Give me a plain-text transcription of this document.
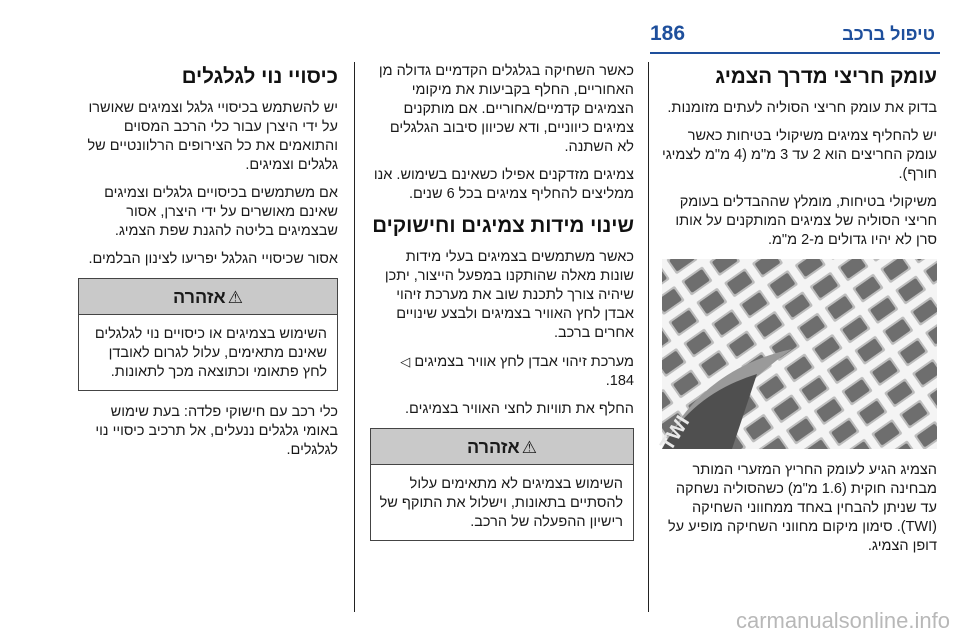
186	טיפול ברכב
עומק חריצי מדרך הצמיג

בדוק את עומק חריצי הסוליה לעתים מזומנות.

יש להחליף צמיגים משיקולי בטיחות כאשר עומק החריצים הוא 2 עד 3 מ"מ (4 מ"מ לצמיגי חורף).

משיקולי בטיחות, מומלץ שההבדלים בעומק חריצי הסוליה של צמיגים המותקנים על אותו סרן לא יהיו גדולים מ-2 מ"מ.

TWI

הצמיג הגיע לעומק החריץ המזערי המותר מבחינה חוקית (1.6 מ"מ) כשהסוליה נשחקה עד שניתן להבחין באחד ממחווני השחיקה (TWI). סימון מיקום מחווני השחיקה מופיע על דופן הצמיג.

כאשר השחיקה בגלגלים הקדמיים גדולה מן האחוריים, החלף בקביעות את מיקומי הצמיגים קדמיים/אחוריים. אם מותקנים צמיגים כיווניים, ודא שכיוון סיבוב הגלגלים לא השתנה.

צמיגים מזדקנים אפילו כשאינם בשימוש. אנו ממליצים להחליף צמיגים בכל 6 שנים.

שינוי מידות צמיגים וחישוקים

כאשר משתמשים בצמיגים בעלי מידות שונות מאלה שהותקנו במפעל הייצור, יתכן שיהיה צורך לתכנת שוב את מערכת זיהוי אבדן לחץ האוויר בצמיגים ולבצע שינויים אחרים ברכב.

מערכת זיהוי אבדן לחץ אוויר בצמיגים ◁ 184.

החלף את תוויות לחצי האוויר בצמיגים.

⚠אזהרה

השימוש בצמיגים לא מתאימים עלול להסתיים בתאונות, וישלול את התוקף של רישיון ההפעלה של הרכב.

כיסויי נוי לגלגלים

יש להשתמש בכיסויי גלגל וצמיגים שאושרו על ידי היצרן עבור כלי הרכב המסוים והתואמים את כל הצירופים הרלוונטיים של גלגלים וצמיגים.

אם משתמשים בכיסויים גלגלים וצמיגים שאינם מאושרים על ידי היצרן, אסור שבצמיגים בליטה להגנת שפת הצמיג.

אסור שכיסויי הגלגל יפריעו לצינון הבלמים.

⚠אזהרה

השימוש בצמיגים או כיסויים נוי לגלגלים שאינם מתאימים, עלול לגרום לאובדן לחץ פתאומי וכתוצאה מכך לתאונות.

כלי רכב עם חישוקי פלדה: בעת שימוש באומי גלגלים ננעלים, אל תרכיב כיסויי נוי לגלגלים.

carmanualsonline.info
